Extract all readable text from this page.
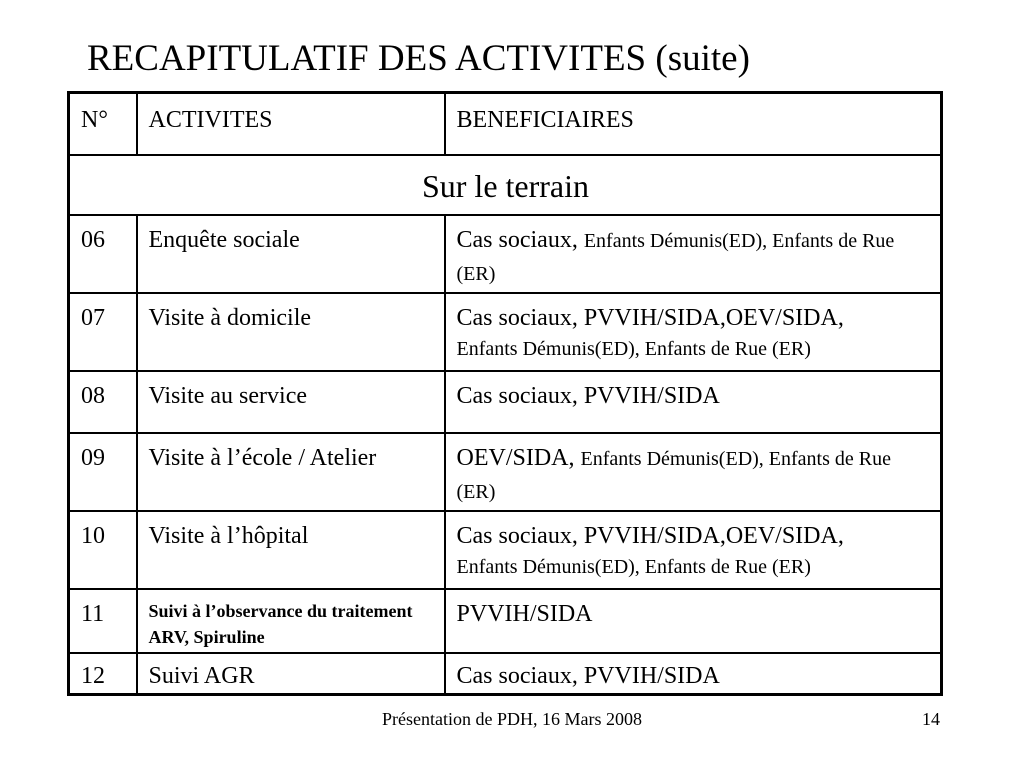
RECAPITULATIF DES ACTIVITES (suite)
N°	ACTIVITES	BENEFICIAIRES
Sur le terrain		
06	Enquête sociale	Cas sociaux, Enfants Démunis(ED), Enfants de Rue (ER)
07	Visite à domicile	Cas sociaux, PVVIH/SIDA,OEV/SIDA,
Enfants Démunis(ED), Enfants de Rue (ER)

08	Visite au service	Cas sociaux, PVVIH/SIDA
09	Visite à l’école / Atelier	OEV/SIDA, Enfants Démunis(ED), Enfants de Rue (ER)
10	Visite à l’hôpital	Cas sociaux, PVVIH/SIDA,OEV/SIDA,
Enfants Démunis(ED), Enfants de Rue (ER)

11	Suivi à l’observance du traitement ARV, Spiruline	PVVIH/SIDA
12	Suivi AGR	Cas sociaux, PVVIH/SIDA
Présentation de PDH, 16 Mars 2008	14
